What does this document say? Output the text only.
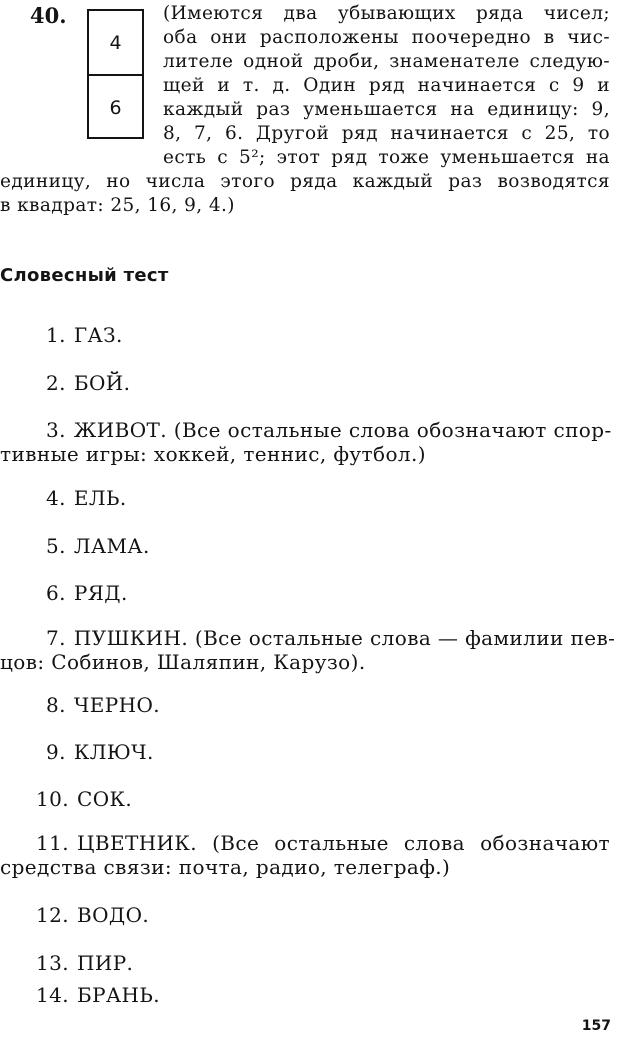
40.
4
6
(Имеются два убывающих ряда чисел;
оба они расположены поочередно в чис-
лителе одной дроби, знаменателе следую-
щей и т. д. Один ряд начинается с 9 и
каждый раз уменьшается на единицу: 9,
8, 7, 6. Другой ряд начинается с 25, то
есть с 5²; этот ряд тоже уменьшается на
единицу, но числа этого ряда каждый раз возводятся
в квадрат: 25, 16, 9, 4.)
Словесный тест
1. ГАЗ.
2. БОЙ.
3. ЖИВОТ. (Все остальные слова обозначают спор-
тивные игры: хоккей, теннис, футбол.)
4. ЕЛЬ.
5. ЛАМА.
6. РЯД.
7. ПУШКИН. (Все остальные слова — фамилии пев-
цов: Собинов, Шаляпин, Карузо).
8. ЧЕРНО.
9. КЛЮЧ.
10. СОК.
11. ЦВЕТНИК. (Все остальные слова обозначают
средства связи: почта, радио, телеграф.)
12. ВОДО.
13. ПИР.
14. БРАНЬ.
157
